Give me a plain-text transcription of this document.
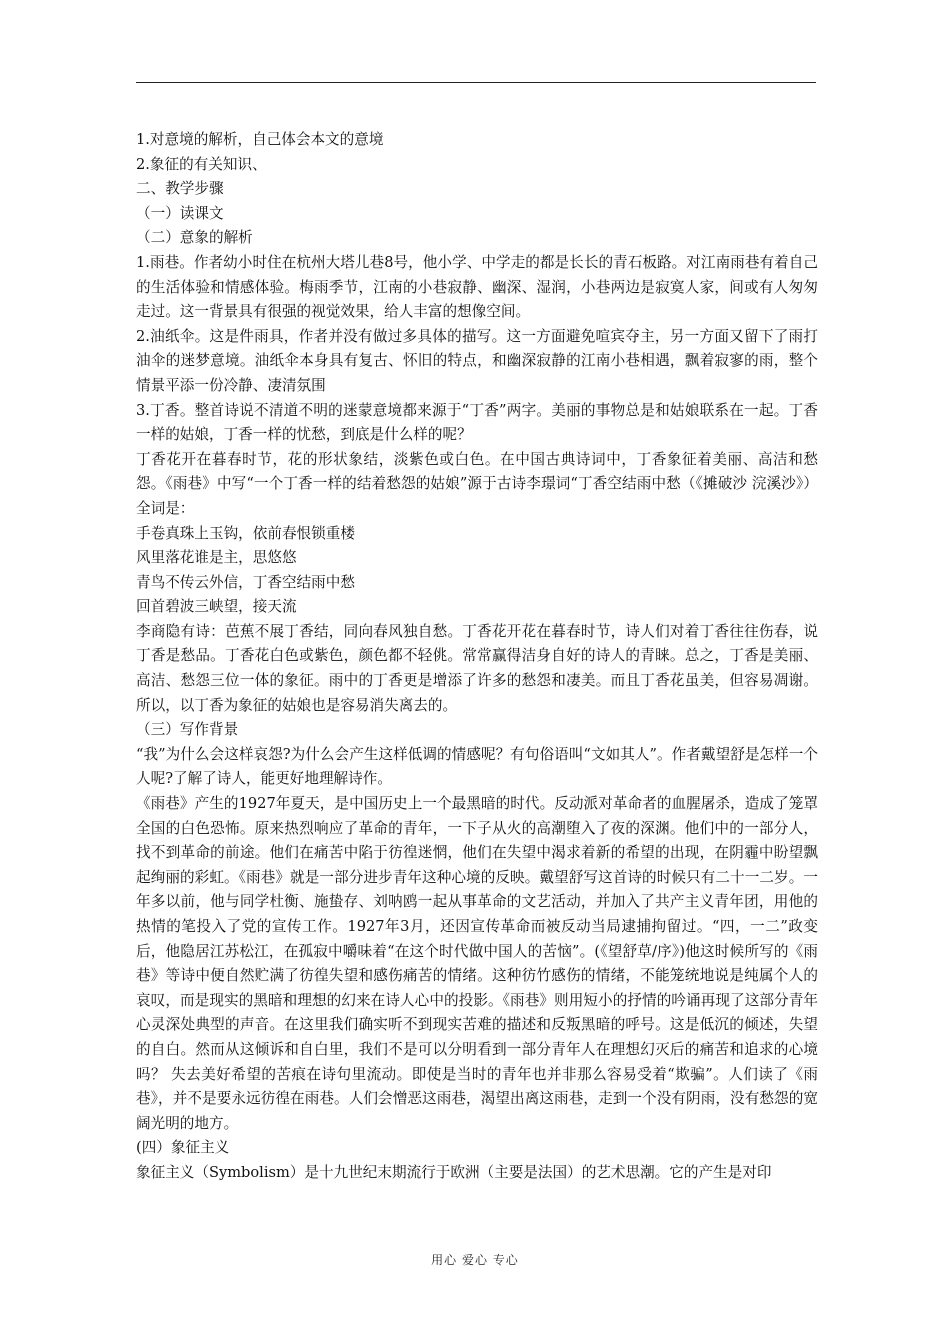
1.对意境的解析，自己体会本文的意境

2.象征的有关知识、

二、教学步骤

（一）读课文

（二）意象的解析

1.雨巷。作者幼小时住在杭州大塔儿巷8号，他小学、中学走的都是长长的青石板路。对江南雨巷有着自己的生活体验和情感体验。梅雨季节，江南的小巷寂静、幽深、湿润，小巷两边是寂寞人家，间或有人匆匆走过。这一背景具有很强的视觉效果，给人丰富的想像空间。

2.油纸伞。这是件雨具，作者并没有做过多具体的描写。这一方面避免喧宾夺主，另一方面又留下了雨打油伞的迷梦意境。油纸伞本身具有复古、怀旧的特点，和幽深寂静的江南小巷相遇，飘着寂寥的雨，整个情景平添一份冷静、凄清氛围

3.丁香。整首诗说不清道不明的迷蒙意境都来源于“丁香”两字。美丽的事物总是和姑娘联系在一起。丁香一样的姑娘，丁香一样的忧愁，到底是什么样的呢？

丁香花开在暮春时节，花的形状象结，淡紫色或白色。在中国古典诗词中，丁香象征着美丽、高洁和愁怨。《雨巷》中写“一个丁香一样的结着愁怨的姑娘”源于古诗李璟词“丁香空结雨中愁（《摊破沙 浣溪沙》）全词是：

手卷真珠上玉钩，依前春恨锁重楼

风里落花谁是主，思悠悠

青鸟不传云外信，丁香空结雨中愁

回首碧波三峡望，接天流

李商隐有诗：芭蕉不展丁香结，同向春风独自愁。丁香花开花在暮春时节，诗人们对着丁香往往伤春，说丁香是愁品。丁香花白色或紫色，颜色都不轻佻。常常赢得洁身自好的诗人的青睐。总之，丁香是美丽、高洁、愁怨三位一体的象征。雨中的丁香更是增添了许多的愁怨和凄美。而且丁香花虽美，但容易凋谢。所以，以丁香为象征的姑娘也是容易消失离去的。

（三）写作背景

“我”为什么会这样哀怨?为什么会产生这样低调的情感呢？有句俗语叫“文如其人”。作者戴望舒是怎样一个人呢?了解了诗人，能更好地理解诗作。

《雨巷》产生的1927年夏天，是中国历史上一个最黑暗的时代。反动派对革命者的血腥屠杀，造成了笼罩全国的白色恐怖。原来热烈响应了革命的青年，一下子从火的高潮堕入了夜的深渊。他们中的一部分人，找不到革命的前途。他们在痛苦中陷于彷徨迷惘，他们在失望中渴求着新的希望的出现，在阴霾中盼望飘起绚丽的彩虹。《雨巷》就是一部分进步青年这种心境的反映。戴望舒写这首诗的时候只有二十一二岁。一年多以前，他与同学杜衡、施蛰存、刘呐鸥一起从事革命的文艺活动，并加入了共产主义青年团，用他的热情的笔投入了党的宣传工作。1927年3月，还因宣传革命而被反动当局逮捕拘留过。“四，一二”政变后，他隐居江苏松江，在孤寂中嚼味着“在这个时代做中国人的苦恼”。(《望舒草/序》)他这时候所写的《雨巷》等诗中便自然贮满了彷徨失望和感伤痛苦的情绪。这种彷竹感伤的情绪，不能笼统地说是纯属个人的哀叹，而是现实的黑暗和理想的幻来在诗人心中的投影。《雨巷》则用短小的抒情的吟诵再现了这部分青年心灵深处典型的声音。在这里我们确实听不到现实苦难的描述和反叛黑暗的呼号。这是低沉的倾述，失望的自白。然而从这倾诉和自白里，我们不是可以分明看到一部分青年人在理想幻灭后的痛苦和追求的心境吗？ 失去美好希望的苦痕在诗句里流动。即使是当时的青年也并非那么容易受着“欺骗”。人们读了《雨巷》，并不是要永远彷徨在雨巷。人们会憎恶这雨巷，渴望出离这雨巷，走到一个没有阴雨，没有愁怨的宽阔光明的地方。

(四）象征主义

象征主义（Symbolism）是十九世纪末期流行于欧洲（主要是法国）的艺术思潮。它的产生是对印

用心 爱心 专心
